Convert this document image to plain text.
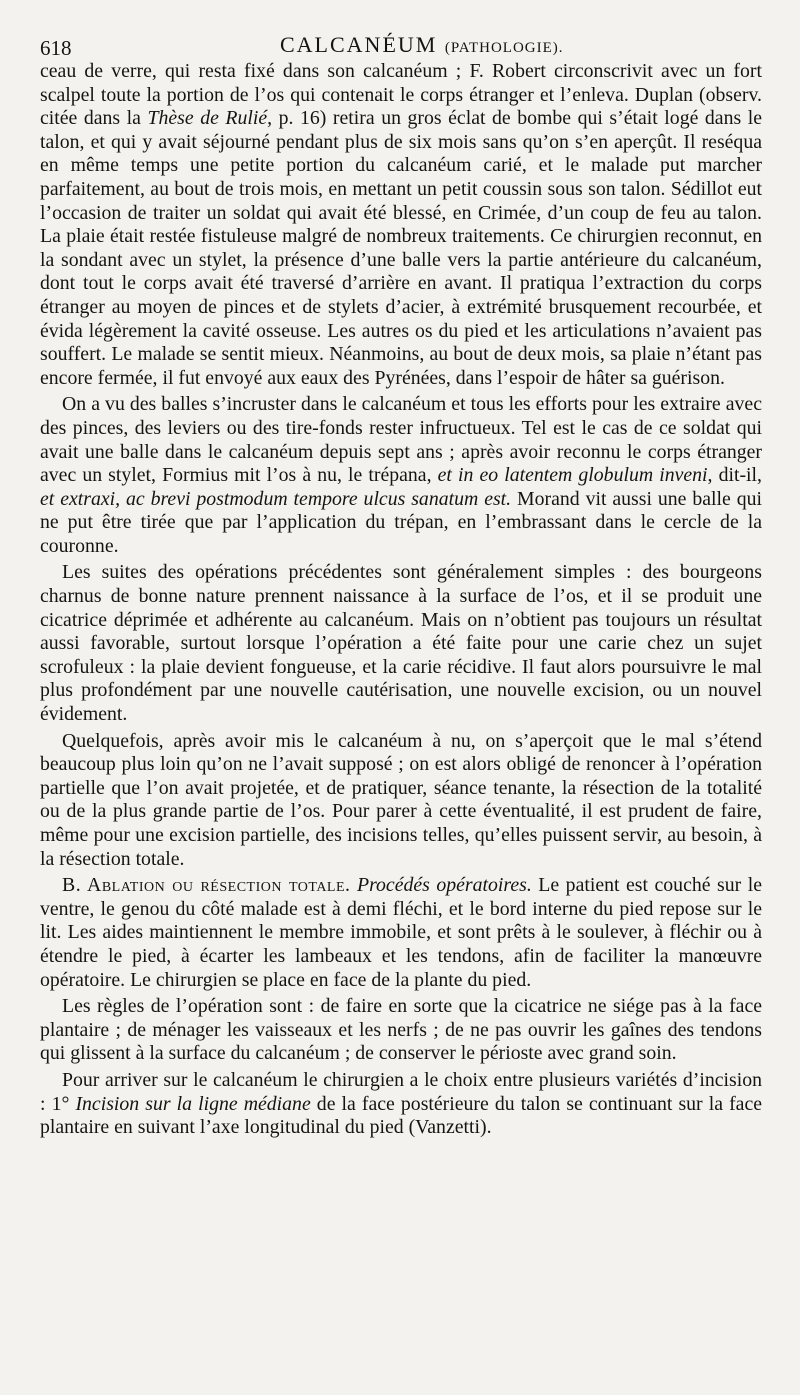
618	CALCANÉUM (PATHOLOGIE).

ceau de verre, qui resta fixé dans son calcanéum ; F. Robert circonscrivit avec un fort scalpel toute la portion de l’os qui contenait le corps étranger et l’enleva. Duplan (observ. citée dans la Thèse de Rulié, p. 16) retira un gros éclat de bombe qui s’était logé dans le talon, et qui y avait séjourné pendant plus de six mois sans qu’on s’en aperçût. Il reséqua en même temps une petite portion du calcanéum carié, et le malade put marcher parfaitement, au bout de trois mois, en mettant un petit coussin sous son talon. Sédillot eut l’occasion de traiter un soldat qui avait été blessé, en Crimée, d’un coup de feu au talon. La plaie était restée fistuleuse malgré de nombreux traitements. Ce chirurgien reconnut, en la sondant avec un stylet, la présence d’une balle vers la partie antérieure du calcanéum, dont tout le corps avait été traversé d’arrière en avant. Il pratiqua l’extraction du corps étranger au moyen de pinces et de stylets d’acier, à extrémité brusquement recourbée, et évida légèrement la cavité osseuse. Les autres os du pied et les articulations n’avaient pas souffert. Le malade se sentit mieux. Néanmoins, au bout de deux mois, sa plaie n’étant pas encore fermée, il fut envoyé aux eaux des Pyrénées, dans l’espoir de hâter sa guérison.

On a vu des balles s’incruster dans le calcanéum et tous les efforts pour les extraire avec des pinces, des leviers ou des tire-fonds rester infructueux. Tel est le cas de ce soldat qui avait une balle dans le calcanéum depuis sept ans ; après avoir reconnu le corps étranger avec un stylet, Formius mit l’os à nu, le trépana, et in eo latentem globulum inveni, dit-il, et extraxi, ac brevi postmodum tempore ulcus sanatum est. Morand vit aussi une balle qui ne put être tirée que par l’application du trépan, en l’embrassant dans le cercle de la couronne.

Les suites des opérations précédentes sont généralement simples : des bourgeons charnus de bonne nature prennent naissance à la surface de l’os, et il se produit une cicatrice déprimée et adhérente au calcanéum. Mais on n’obtient pas toujours un résultat aussi favorable, surtout lorsque l’opération a été faite pour une carie chez un sujet scrofuleux : la plaie devient fongueuse, et la carie récidive. Il faut alors poursuivre le mal plus profondément par une nouvelle cautérisation, une nouvelle excision, ou un nouvel évidement.

Quelquefois, après avoir mis le calcanéum à nu, on s’aperçoit que le mal s’étend beaucoup plus loin qu’on ne l’avait supposé ; on est alors obligé de renoncer à l’opération partielle que l’on avait projetée, et de pratiquer, séance tenante, la résection de la totalité ou de la plus grande partie de l’os. Pour parer à cette éventualité, il est prudent de faire, même pour une excision partielle, des incisions telles, qu’elles puissent servir, au besoin, à la résection totale.

B. Ablation ou résection totale. Procédés opératoires. Le patient est couché sur le ventre, le genou du côté malade est à demi fléchi, et le bord interne du pied repose sur le lit. Les aides maintiennent le membre immobile, et sont prêts à le soulever, à fléchir ou à étendre le pied, à écarter les lambeaux et les tendons, afin de faciliter la manœuvre opératoire. Le chirurgien se place en face de la plante du pied.

Les règles de l’opération sont : de faire en sorte que la cicatrice ne siége pas à la face plantaire ; de ménager les vaisseaux et les nerfs ; de ne pas ouvrir les gaînes des tendons qui glissent à la surface du calcanéum ; de conserver le périoste avec grand soin.

Pour arriver sur le calcanéum le chirurgien a le choix entre plusieurs variétés d’incision : 1° Incision sur la ligne médiane de la face postérieure du talon se continuant sur la face plantaire en suivant l’axe longitudinal du pied (Vanzetti).
